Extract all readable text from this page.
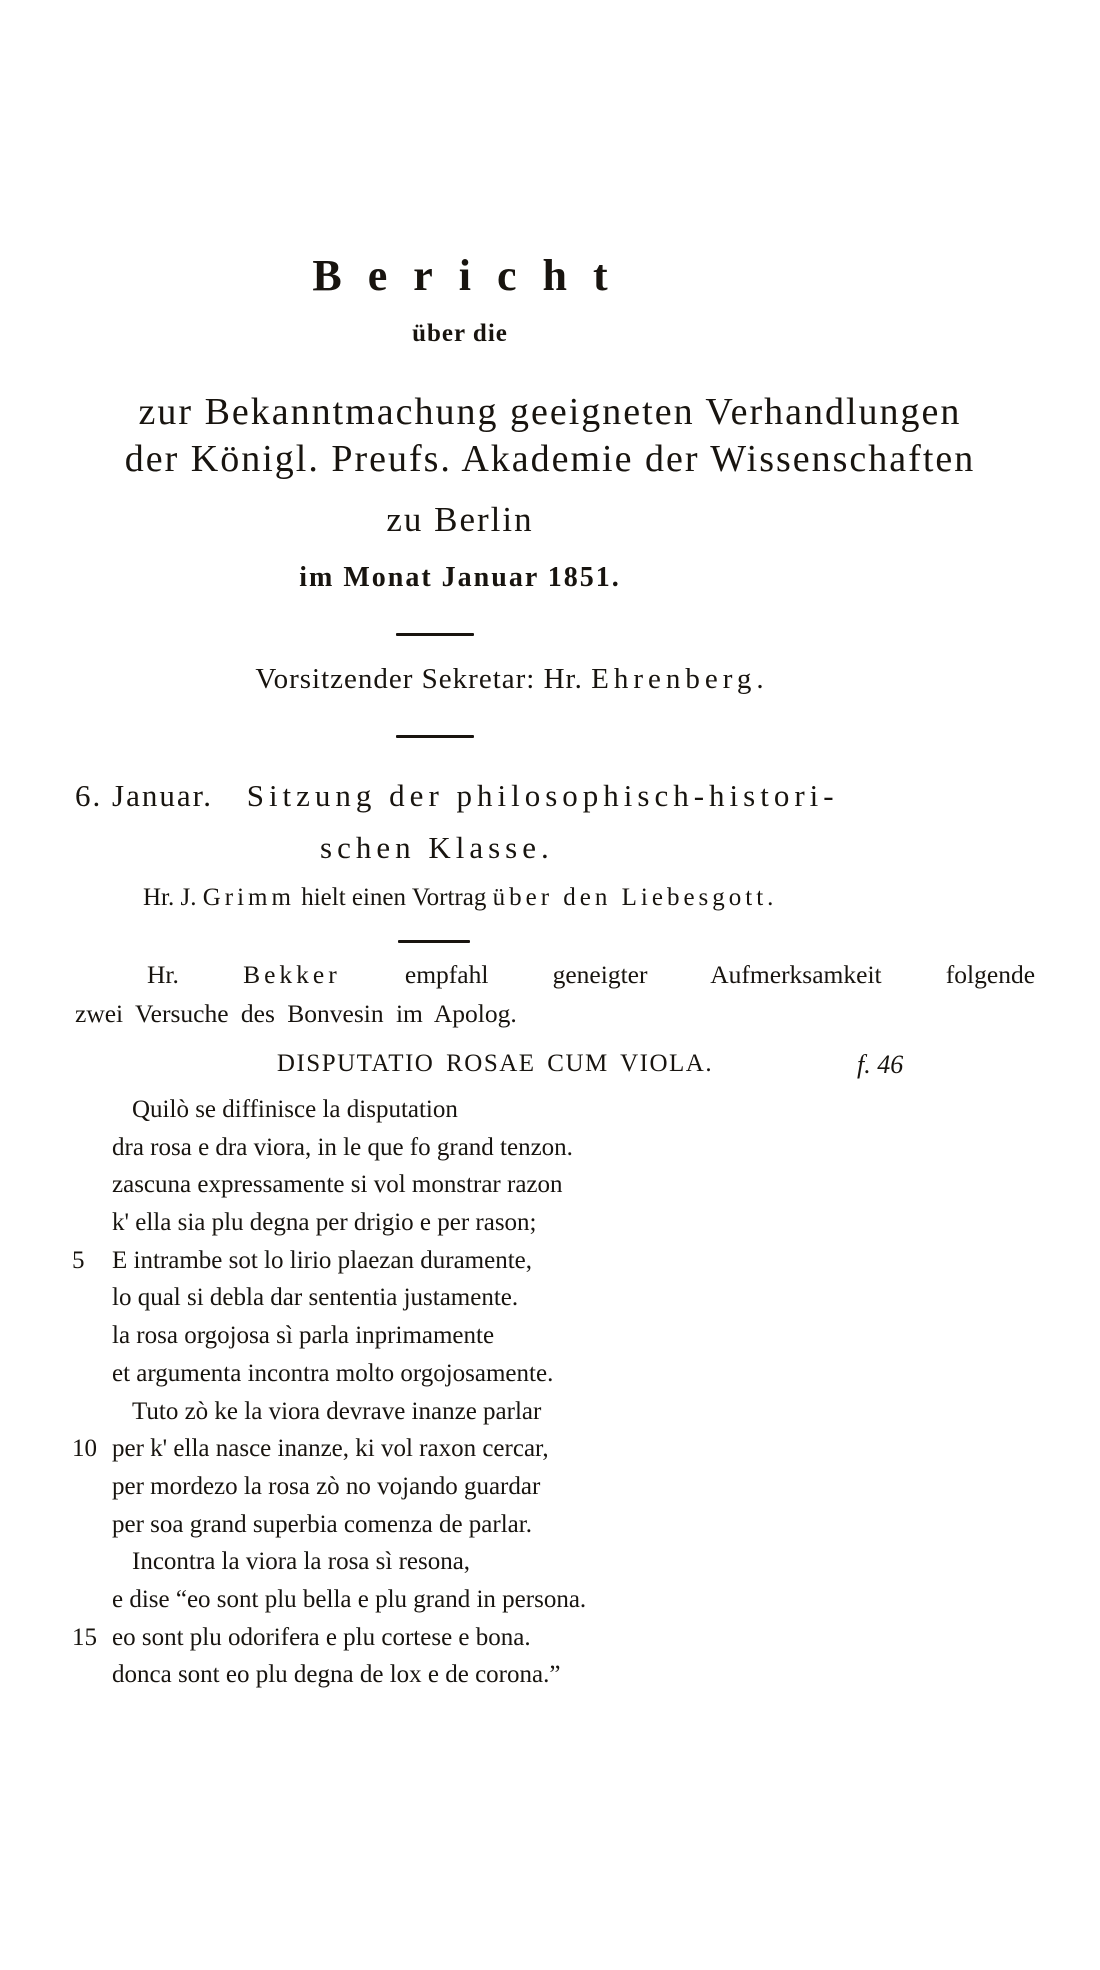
Bericht
über die
zur Bekanntmachung geeigneten Verhandlungen
der Königl. Preufs. Akademie der Wissenschaften
zu Berlin
im Monat Januar 1851.
Vorsitzender Sekretar: Hr. Ehrenberg.
6. Januar. Sitzung der philosophisch-histori-
schen Klasse.
Hr. J. Grimm hielt einen Vortrag über den Liebesgott.
Hr.	Bekker	empfahl geneigter Aufmerksamkeit folgende
zwei Versuche des Bonvesin im Apolog.
DISPUTATIO ROSAE CUM VIOLA.	f. 46
Quilò se diffinisce la disputation
dra rosa e dra viora, in le que fo grand tenzon.
zascuna expressamente si vol monstrar razon
k' ella sia plu degna per drigio e per rason;
5	E intrambe sot lo lirio plaezan duramente,
lo qual si debla dar sententia justamente.
la rosa orgojosa sì parla inprimamente
et argumenta incontra molto orgojosamente.
Tuto zò ke la viora devrave inanze parlar
10 per k' ella nasce inanze, ki vol raxon cercar,
per mordezo la rosa zò no vojando guardar
per soa grand superbia comenza de parlar.
Incontra la viora la rosa sì resona,
e dise “eo sont plu bella e plu grand in persona.
15 eo sont plu odorifera e plu cortese e bona.
donca sont eo plu degna de lox e de corona.”
